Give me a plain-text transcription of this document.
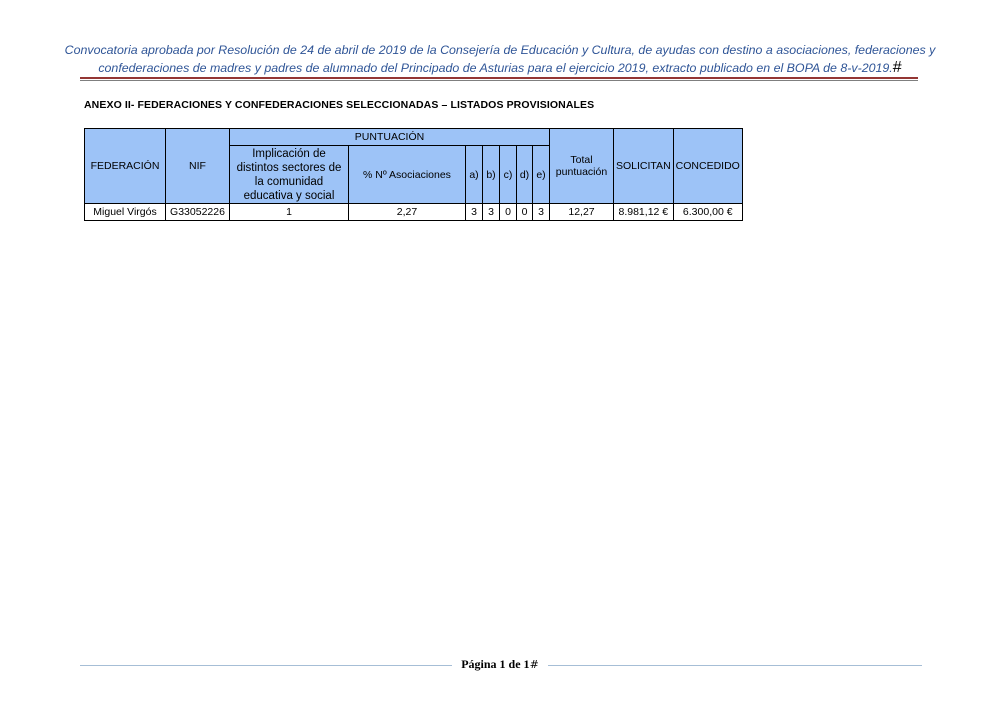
Convocatoria aprobada por Resolución de 24 de abril de 2019 de la Consejería de Educación y Cultura, de ayudas con destino a asociaciones, federaciones y
confederaciones de madres y padres de alumnado del Principado de Asturias para el ejercicio 2019, extracto publicado en el BOPA de 8-v-2019.#
ANEXO II- FEDERACIONES Y CONFEDERACIONES SELECCIONADAS – LISTADOS PROVISIONALES
FEDERACIÓN	NIF	PUNTUACIÓN							Total puntuación	SOLICITAN	CONCEDIDO
		Implicación de distintos sectores de la comunidad educativa y social	% Nº Asociaciones	a)	b)	c)	d)	e)			
Miguel Virgós	G33052226	1	2,27	3	3	0	0	3	12,27	8.981,12 €	6.300,00 €
Página 1 de 1#
